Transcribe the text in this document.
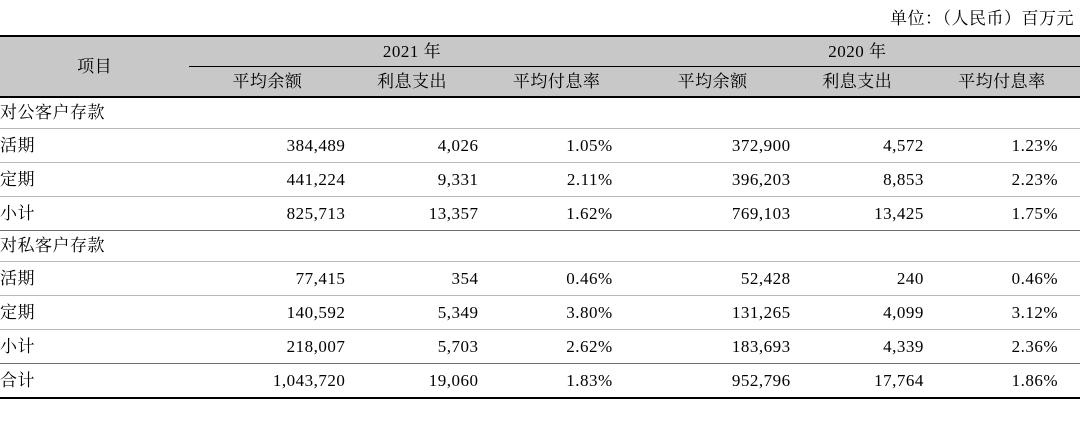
单位：（人民币）百万元
项目	2021 年			2020 年		
	平均余额	利息支出	平均付息率	平均余额	利息支出	平均付息率
对公客户存款						
活期	384,489	4,026	1.05%	372,900	4,572	1.23%
定期	441,224	9,331	2.11%	396,203	8,853	2.23%
小计	825,713	13,357	1.62%	769,103	13,425	1.75%
对私客户存款						
活期	77,415	354	0.46%	52,428	240	0.46%
定期	140,592	5,349	3.80%	131,265	4,099	3.12%
小计	218,007	5,703	2.62%	183,693	4,339	2.36%
合计	1,043,720	19,060	1.83%	952,796	17,764	1.86%
